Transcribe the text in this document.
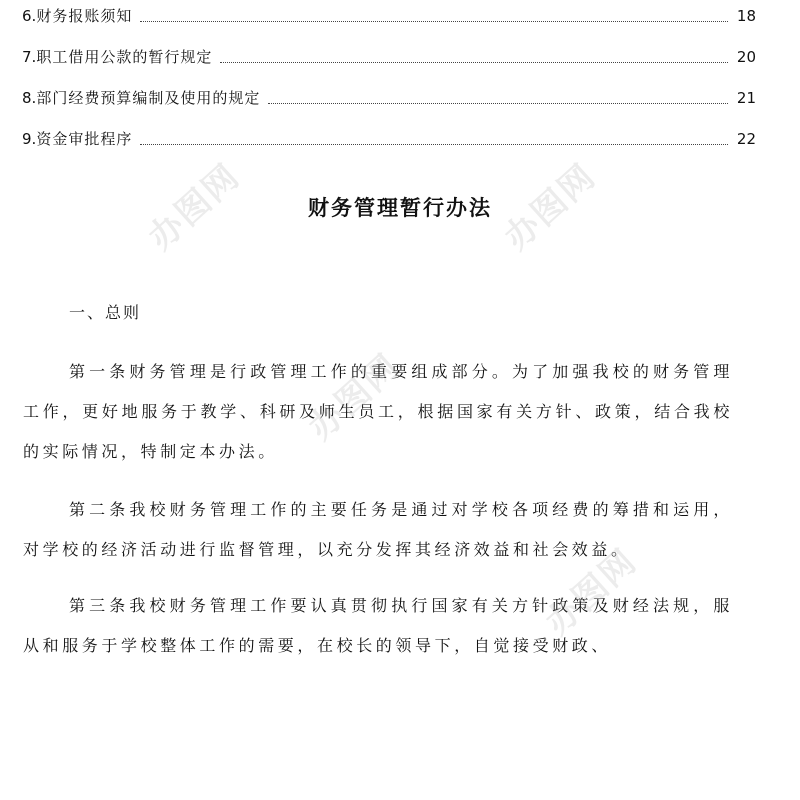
6. 财务报账须知	18
7. 职工借用公款的暂行规定	20
8. 部门经费预算编制及使用的规定	21
9. 资金审批程序	22
财务管理暂行办法

一、总则

第一条财务管理是行政管理工作的重要组成部分。为了加强我校的财务管理工作，更好地服务于教学、科研及师生员工，根据国家有关方针、政策，结合我校的实际情况，特制定本办法。

第二条我校财务管理工作的主要任务是通过对学校各项经费的筹措和运用，对学校的经济活动进行监督管理，以充分发挥其经济效益和社会效益。

第三条我校财务管理工作要认真贯彻执行国家有关方针政策及财经法规，服从和服务于学校整体工作的需要，在校长的领导下，自觉接受财政、

办图网	办图网
办图网
办图网
